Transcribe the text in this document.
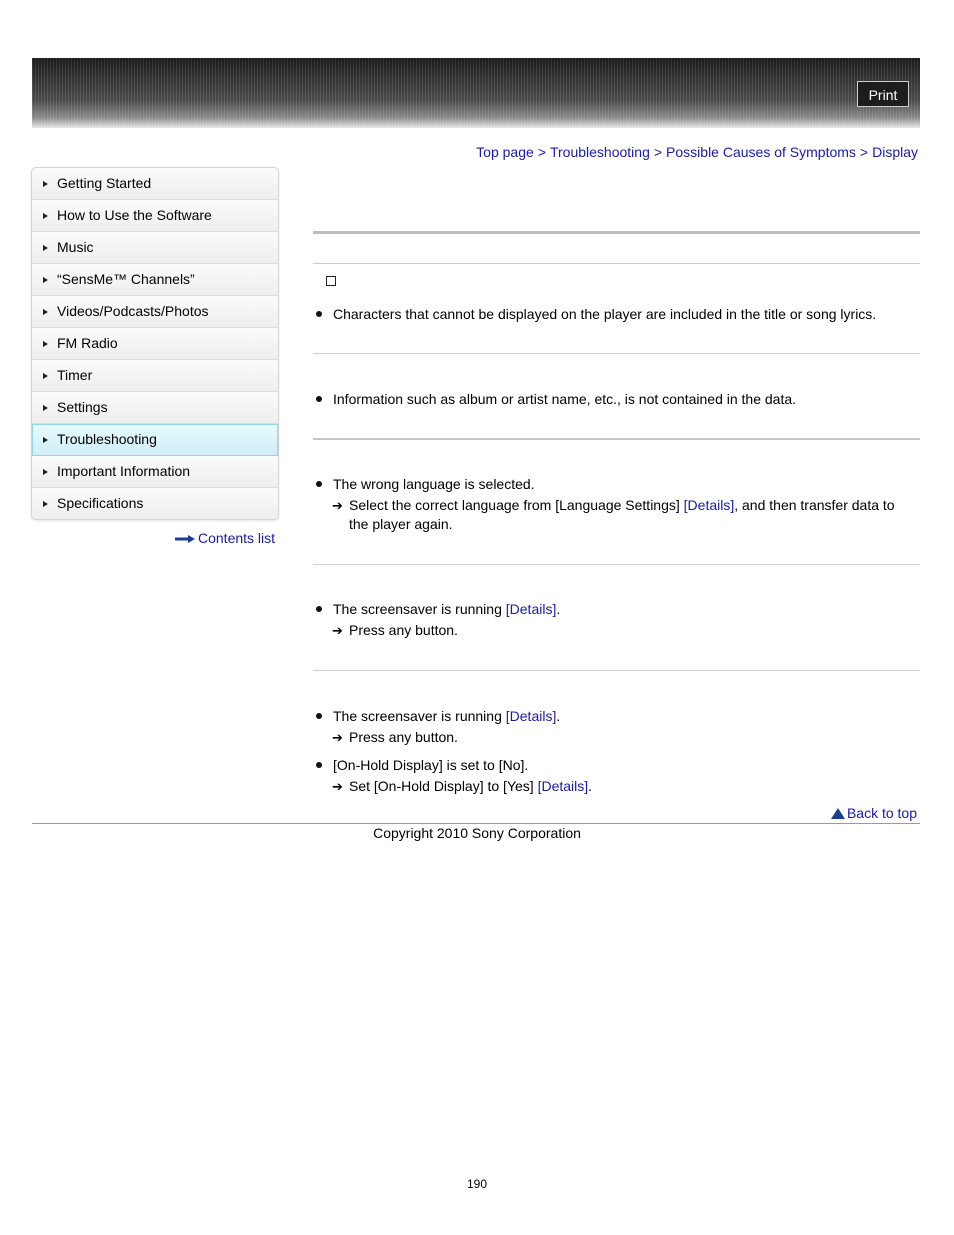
Print
Top page > Troubleshooting > Possible Causes of Symptoms > Display
Getting Started
How to Use the Software
Music
“SensMe™ Channels”
Videos/Podcasts/Photos
FM Radio
Timer
Settings
Troubleshooting
Important Information
Specifications
Contents list
Characters that cannot be displayed on the player are included in the title or song lyrics.
Information such as album or artist name, etc., is not contained in the data.
The wrong language is selected.
➔ Select the correct language from [Language Settings] [Details], and then transfer data to the player again.
The screensaver is running [Details].
➔ Press any button.
The screensaver is running [Details].
➔ Press any button.
[On-Hold Display] is set to [No].
➔ Set [On-Hold Display] to [Yes] [Details].
Back to top
Copyright 2010 Sony Corporation
190
